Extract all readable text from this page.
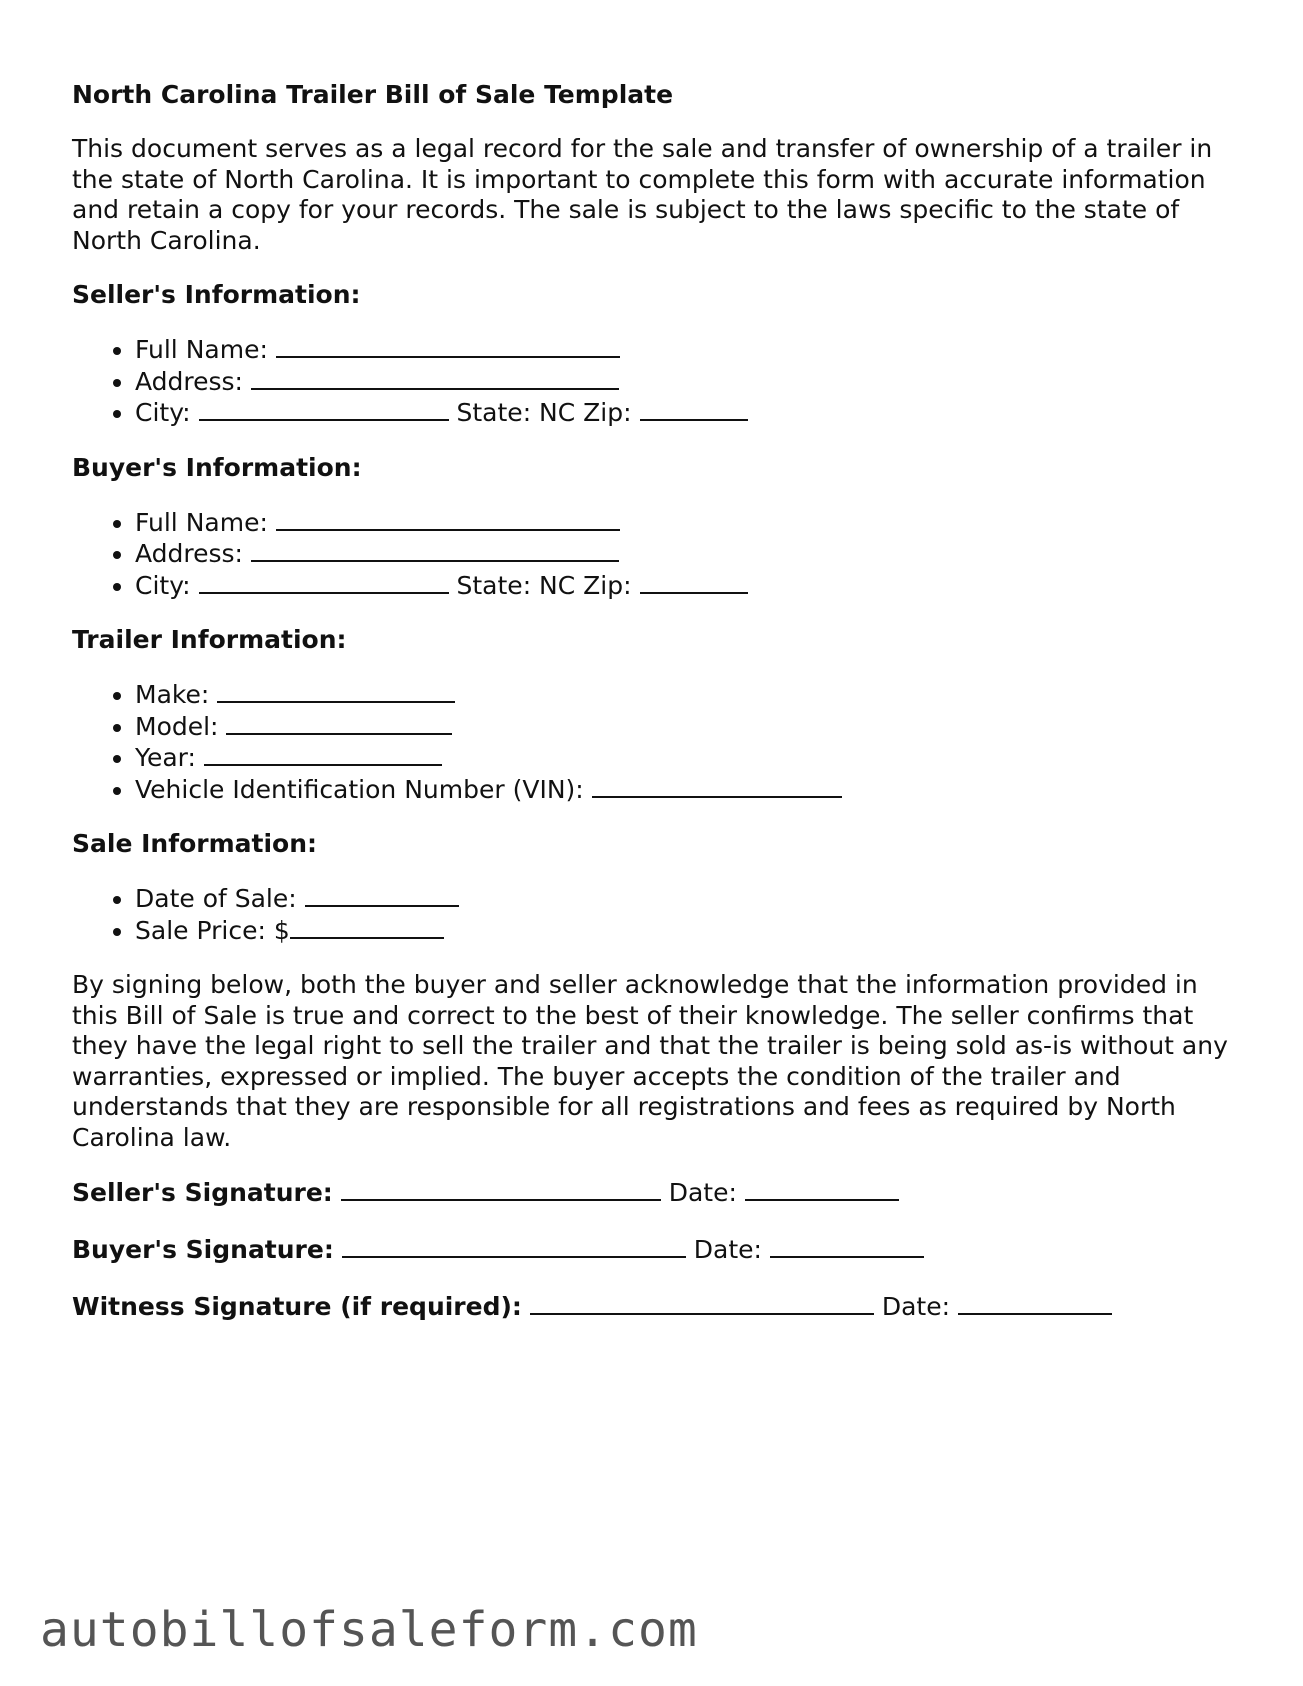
North Carolina Trailer Bill of Sale Template

This document serves as a legal record for the sale and transfer of ownership of a trailer in the state of North Carolina. It is important to complete this form with accurate information and retain a copy for your records. The sale is subject to the laws specific to the state of North Carolina.

Seller's Information:
• Full Name:
• Address:
• City:	State: NC Zip:
Buyer's Information:
• Full Name:
• Address:
• City:	State: NC Zip:
Trailer Information:
• Make:
• Model:
• Year:
• Vehicle Identification Number (VIN):
Sale Information:
• Date of Sale:
• Sale Price: $

By signing below, both the buyer and seller acknowledge that the information provided in this Bill of Sale is true and correct to the best of their knowledge. The seller confirms that they have the legal right to sell the trailer and that the trailer is being sold as-is without any warranties, expressed or implied. The buyer accepts the condition of the trailer and understands that they are responsible for all registrations and fees as required by North Carolina law.

Seller's Signature:	Date:
Buyer's Signature:	Date:
Witness Signature (if required):	Date:
autobillofsaleform.com
